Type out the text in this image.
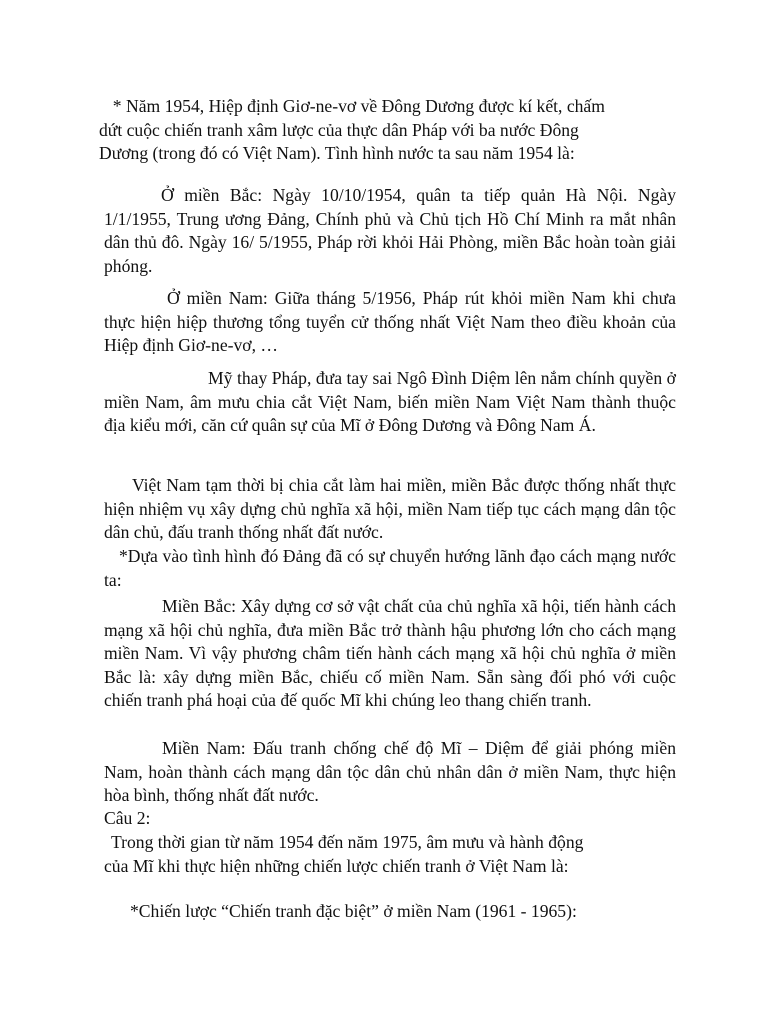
* Năm 1954, Hiệp định Giơ-ne-vơ về Đông Dương được kí kết, chấm
dứt cuộc chiến tranh xâm lược của thực dân Pháp với ba nước Đông
Dương (trong đó có Việt Nam). Tình hình nước ta sau năm 1954 là:

Ở miền Bắc: Ngày 10/10/1954, quân ta tiếp quản Hà Nội. Ngày 1/1/1955, Trung ương Đảng, Chính phủ và Chủ tịch Hồ Chí Minh ra mắt nhân dân thủ đô. Ngày 16/ 5/1955, Pháp rời khỏi Hải Phòng, miền Bắc hoàn toàn giải phóng.

Ở miền Nam: Giữa tháng 5/1956, Pháp rút khỏi miền Nam khi chưa thực hiện hiệp thương tổng tuyển cử thống nhất Việt Nam theo điều khoản của Hiệp định Giơ-ne-vơ, …

Mỹ thay Pháp, đưa tay sai Ngô Đình Diệm lên nắm chính quyền ở miền Nam, âm mưu chia cắt Việt Nam, biến miền Nam Việt Nam thành thuộc địa kiểu mới, căn cứ quân sự của Mĩ ở Đông Dương và Đông Nam Á.

Việt Nam tạm thời bị chia cắt làm hai miền, miền Bắc được thống nhất thực hiện nhiệm vụ xây dựng chủ nghĩa xã hội, miền Nam tiếp tục cách mạng dân tộc dân chủ, đấu tranh thống nhất đất nước.

*Dựa vào tình hình đó Đảng đã có sự chuyển hướng lãnh đạo cách mạng nước ta:

Miền Bắc: Xây dựng cơ sở vật chất của chủ nghĩa xã hội, tiến hành cách mạng xã hội chủ nghĩa, đưa miền Bắc trở thành hậu phương lớn cho cách mạng miền Nam. Vì vậy phương châm tiến hành cách mạng xã hội chủ nghĩa ở miền Bắc là: xây dựng miền Bắc, chiếu cố miền Nam. Sẵn sàng đối phó với cuộc chiến tranh phá hoại của đế quốc Mĩ khi chúng leo thang chiến tranh.

Miền Nam: Đấu tranh chống chế độ Mĩ – Diệm để giải phóng miền Nam, hoàn thành cách mạng dân tộc dân chủ nhân dân ở miền Nam, thực hiện hòa bình, thống nhất đất nước.

Câu 2:

Trong thời gian từ năm 1954 đến năm 1975, âm mưu và hành động
của Mĩ khi thực hiện những chiến lược chiến tranh ở Việt Nam là:

*Chiến lược “Chiến tranh đặc biệt” ở miền Nam (1961 - 1965):
